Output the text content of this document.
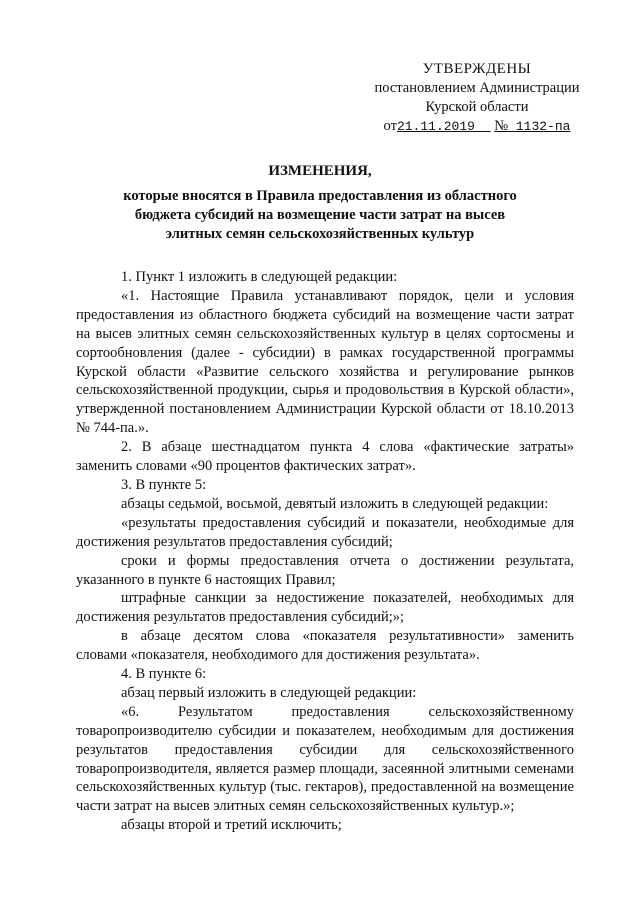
УТВЕРЖДЕНЫ
постановлением Администрации
Курской области
от21.11.2019 № 1132-па
ИЗМЕНЕНИЯ,
которые вносятся в Правила предоставления из областного
бюджета субсидий на возмещение части затрат на высев
элитных семян сельскохозяйственных культур

1. Пункт 1 изложить в следующей редакции:

«1. Настоящие Правила устанавливают порядок, цели и условия предоставления из областного бюджета субсидий на возмещение части затрат на высев элитных семян сельскохозяйственных культур в целях сортосмены и сортообновления (далее - субсидии) в рамках государственной программы Курской области «Развитие сельского хозяйства и регулирование рынков сельскохозяйственной продукции, сырья и продовольствия в Курской области», утвержденной постановлением Администрации Курской области от 18.10.2013 № 744-па.».

2. В абзаце шестнадцатом пункта 4 слова «фактические затраты» заменить словами «90 процентов фактических затрат».

3. В пункте 5:

абзацы седьмой, восьмой, девятый изложить в следующей редакции:

«результаты предоставления субсидий и показатели, необходимые для достижения результатов предоставления субсидий;

сроки и формы предоставления отчета о достижении результата, указанного в пункте 6 настоящих Правил;

штрафные санкции за недостижение показателей, необходимых для достижения результатов предоставления субсидий;»;

в абзаце десятом слова «показателя результативности» заменить словами «показателя, необходимого для достижения результата».

4. В пункте 6:

абзац первый изложить в следующей редакции:

«6. Результатом предоставления сельскохозяйственному товаропроизводителю субсидии и показателем, необходимым для достижения результатов предоставления субсидии для сельскохозяйственного товаропроизводителя, является размер площади, засеянной элитными семенами сельскохозяйственных культур (тыс. гектаров), предоставленной на возмещение части затрат на высев элитных семян сельскохозяйственных культур.»;

абзацы второй и третий исключить;
